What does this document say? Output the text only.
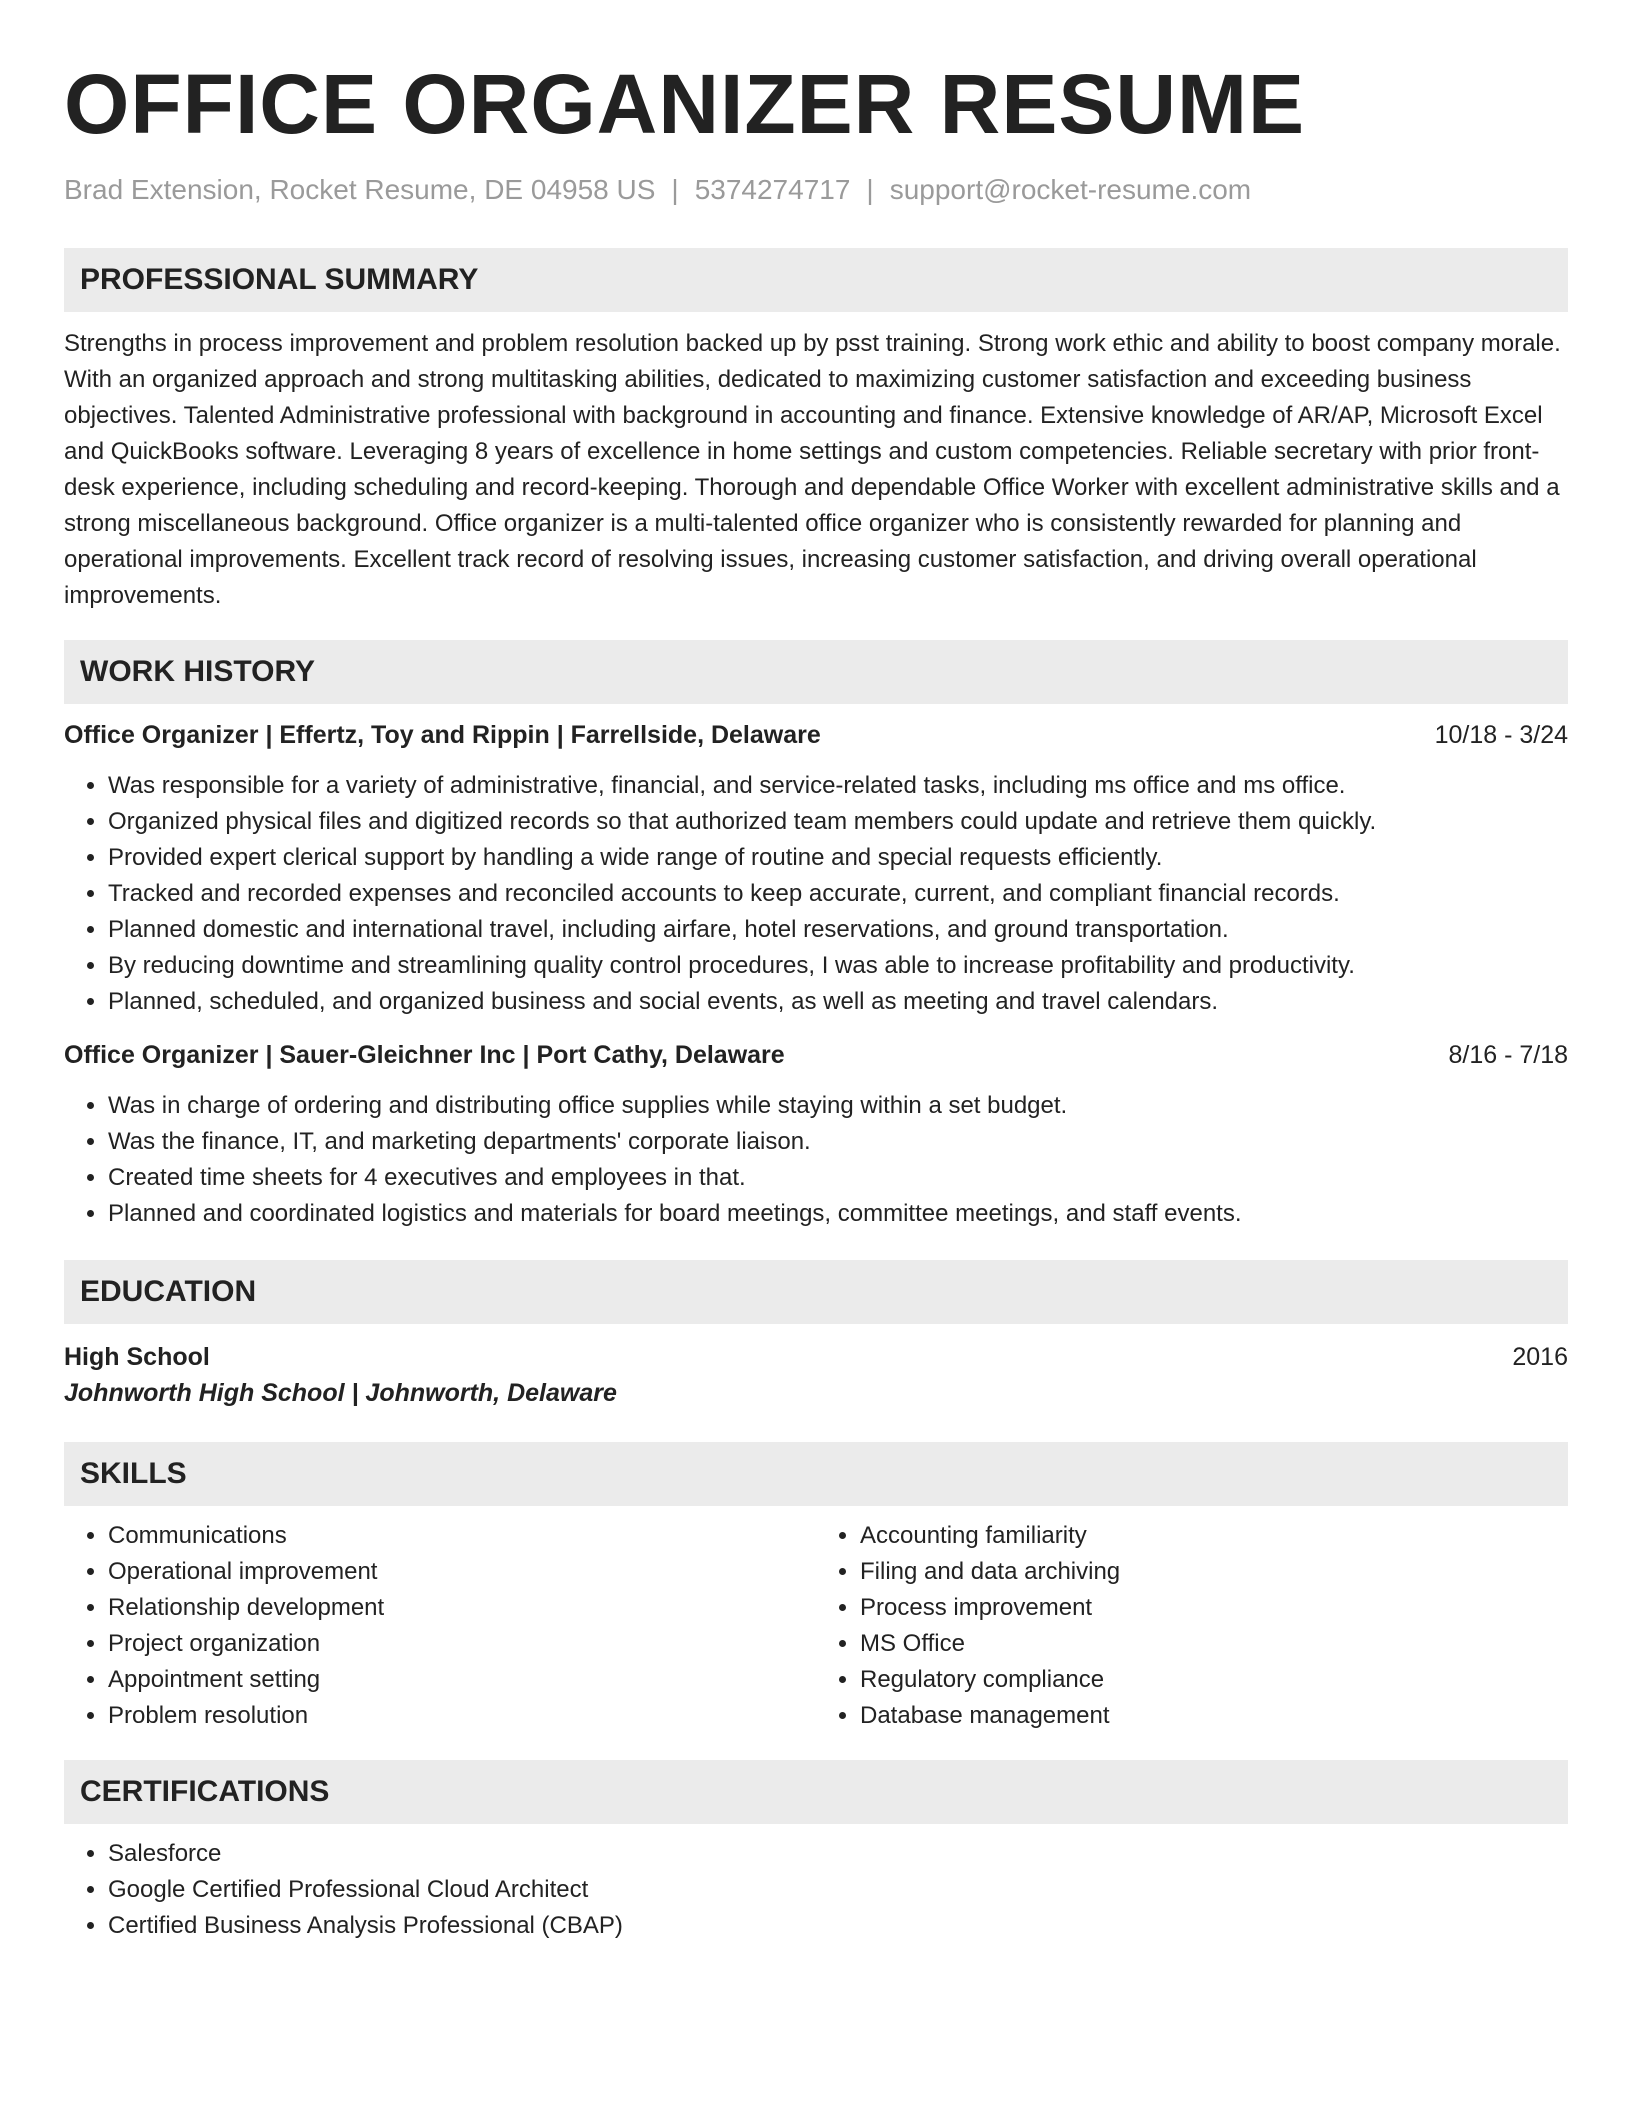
OFFICE ORGANIZER RESUME
Brad Extension, Rocket Resume, DE 04958 US | 5374274717 | support@rocket-resume.com
PROFESSIONAL SUMMARY
Strengths in process improvement and problem resolution backed up by psst training. Strong work ethic and ability to boost company morale. With an organized approach and strong multitasking abilities, dedicated to maximizing customer satisfaction and exceeding business objectives. Talented Administrative professional with background in accounting and finance. Extensive knowledge of AR/AP, Microsoft Excel and QuickBooks software. Leveraging 8 years of excellence in home settings and custom competencies. Reliable secretary with prior front-desk experience, including scheduling and record-keeping. Thorough and dependable Office Worker with excellent administrative skills and a strong miscellaneous background. Office organizer is a multi-talented office organizer who is consistently rewarded for planning and operational improvements. Excellent track record of resolving issues, increasing customer satisfaction, and driving overall operational improvements.
WORK HISTORY
Office Organizer | Effertz, Toy and Rippin | Farrellside, Delaware	10/18 - 3/24
• Was responsible for a variety of administrative, financial, and service-related tasks, including ms office and ms office.
• Organized physical files and digitized records so that authorized team members could update and retrieve them quickly.
• Provided expert clerical support by handling a wide range of routine and special requests efficiently.
• Tracked and recorded expenses and reconciled accounts to keep accurate, current, and compliant financial records.
• Planned domestic and international travel, including airfare, hotel reservations, and ground transportation.
• By reducing downtime and streamlining quality control procedures, I was able to increase profitability and productivity.
• Planned, scheduled, and organized business and social events, as well as meeting and travel calendars.
Office Organizer | Sauer-Gleichner Inc | Port Cathy, Delaware	8/16 - 7/18
• Was in charge of ordering and distributing office supplies while staying within a set budget.
• Was the finance, IT, and marketing departments' corporate liaison.
• Created time sheets for 4 executives and employees in that.
• Planned and coordinated logistics and materials for board meetings, committee meetings, and staff events.
EDUCATION
High School	2016
Johnworth High School | Johnworth, Delaware
SKILLS
• Communications
• Operational improvement
• Relationship development
• Project organization
• Appointment setting
• Problem resolution
• Accounting familiarity
• Filing and data archiving
• Process improvement
• MS Office
• Regulatory compliance
• Database management
CERTIFICATIONS
• Salesforce
• Google Certified Professional Cloud Architect
• Certified Business Analysis Professional (CBAP)
